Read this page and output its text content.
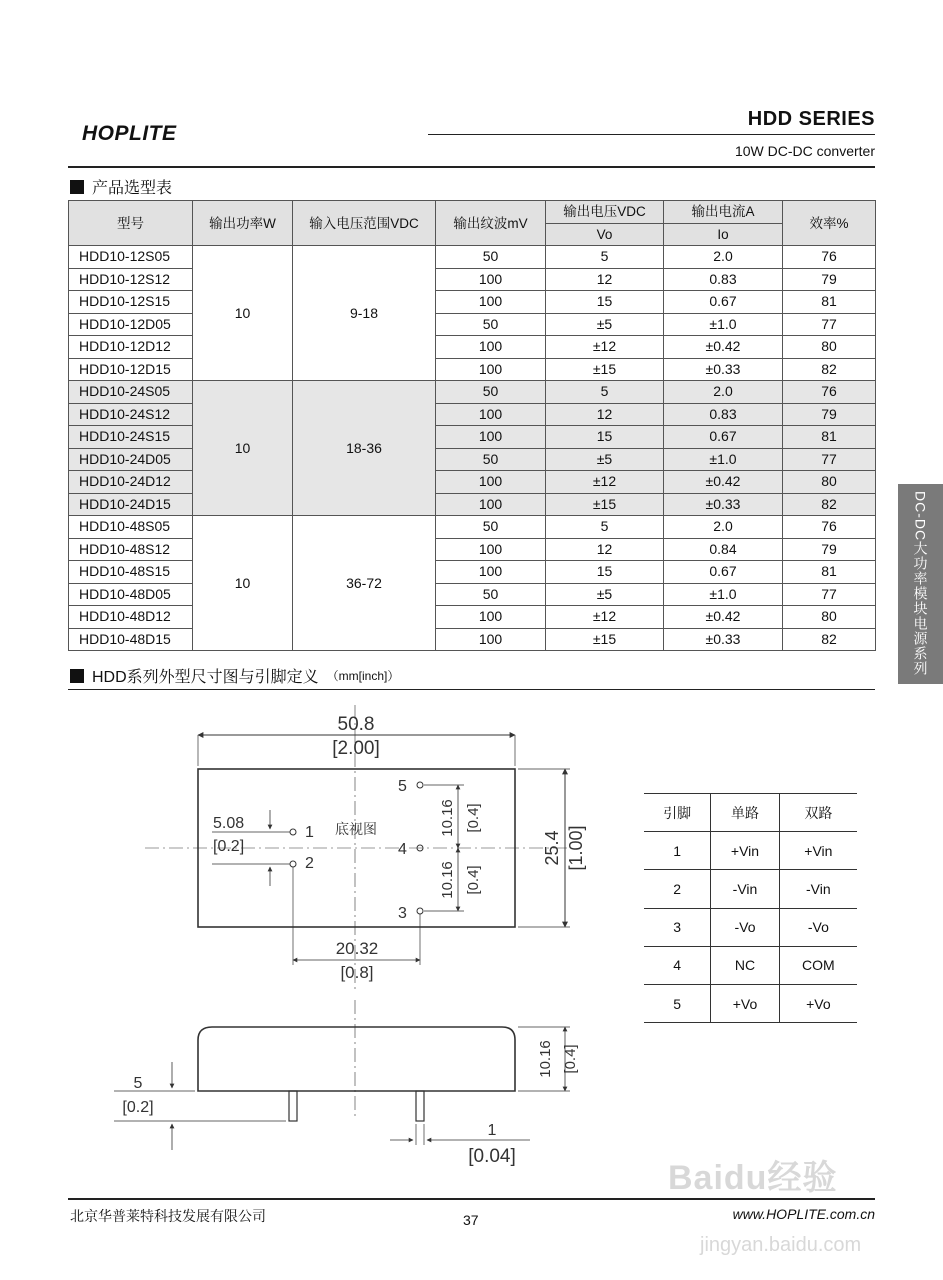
HOPLITE
HDD SERIES
10W DC-DC converter
产品选型表
型号	输出功率W	输入电压范围VDC	输出纹波mV	输出电压VDC	输出电流A	效率%
				Vo	Io	
HDD10-12S05	10	9-18	50	5	2.0	76
HDD10-12S12			100	12	0.83	79
HDD10-12S15			100	15	0.67	81
HDD10-12D05			50	±5	±1.0	77
HDD10-12D12			100	±12	±0.42	80
HDD10-12D15			100	±15	±0.33	82
HDD10-24S05	10	18-36	50	5	2.0	76
HDD10-24S12			100	12	0.83	79
HDD10-24S15			100	15	0.67	81
HDD10-24D05			50	±5	±1.0	77
HDD10-24D12			100	±12	±0.42	80
HDD10-24D15			100	±15	±0.33	82
HDD10-48S05	10	36-72	50	5	2.0	76
HDD10-48S12			100	12	0.84	79
HDD10-48S15			100	15	0.67	81
HDD10-48D05			50	±5	±1.0	77
HDD10-48D12			100	±12	±0.42	80
HDD10-48D15			100	±15	±0.33	82
HDD系列外型尺寸图与引脚定义 （mm[inch]）	DC-DC大功率模块电源系列
50.8
[2.00]
25.4 [1.00]
1
2
3
4
5
底视图
5.08
[0.2]
10.16 [0.4]
10.16 [0.4]
20.32
[0.8]
10.16 [0.4]
5
[0.2]
1
[0.04]
引脚	单路	双路
1	+Vin	+Vin
2	-Vin	-Vin
3	-Vo	-Vo
4	NC	COM
5	+Vo	+Vo
Baidu经验
jingyan.baidu.com
北京华普莱特科技发展有限公司	37	www.HOPLITE.com.cn
